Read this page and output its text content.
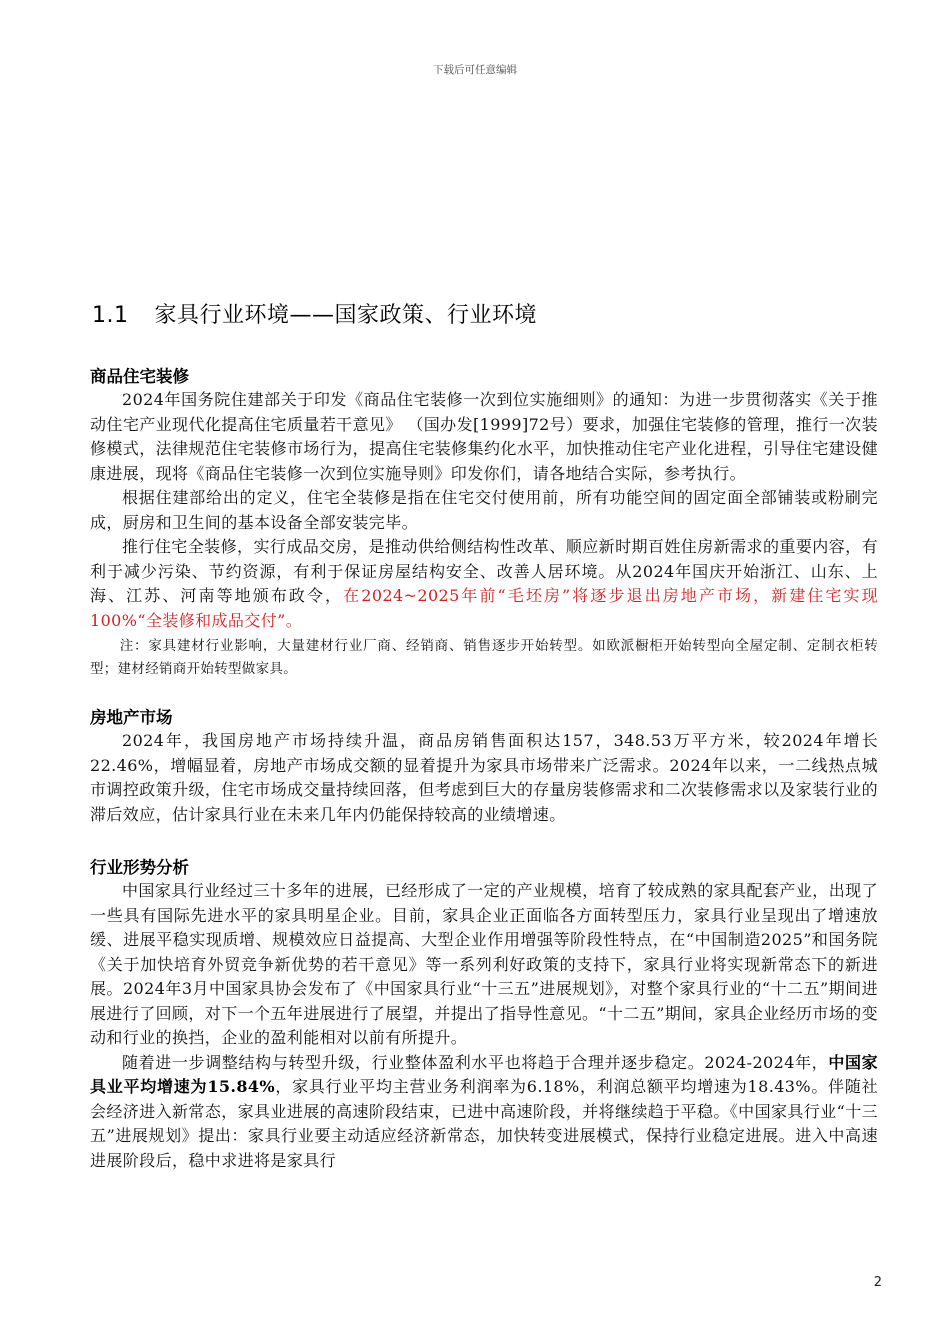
下载后可任意编辑
1.1 家具行业环境——国家政策、行业环境
商品住宅装修

2024年国务院住建部关于印发《商品住宅装修一次到位实施细则》的通知：为进一步贯彻落实《关于推动住宅产业现代化提高住宅质量若干意见》 （国办发[1999]72号）要求，加强住宅装修的管理，推行一次装修模式，法律规范住宅装修市场行为，提高住宅装修集约化水平，加快推动住宅产业化进程，引导住宅建设健康进展，现将《商品住宅装修一次到位实施导则》印发你们，请各地结合实际，参考执行。

根据住建部给出的定义，住宅全装修是指在住宅交付使用前，所有功能空间的固定面全部铺装或粉刷完成，厨房和卫生间的基本设备全部安装完毕。

推行住宅全装修，实行成品交房，是推动供给侧结构性改革、顺应新时期百姓住房新需求的重要内容，有利于减少污染、节约资源，有利于保证房屋结构安全、改善人居环境。从2024年国庆开始浙江、山东、上海、江苏、河南等地颁布政令，在2024~2025年前“毛坯房”将逐步退出房地产市场，新建住宅实现100%“全装修和成品交付”。

注：家具建材行业影响，大量建材行业厂商、经销商、销售逐步开始转型。如欧派橱柜开始转型向全屋定制、定制衣柜转型；建材经销商开始转型做家具。

房地产市场

2024年，我国房地产市场持续升温，商品房销售面积达157，348.53万平方米，较2024年增长22.46%，增幅显着，房地产市场成交额的显着提升为家具市场带来广泛需求。2024年以来，一二线热点城市调控政策升级，住宅市场成交量持续回落，但考虑到巨大的存量房装修需求和二次装修需求以及家装行业的滞后效应，估计家具行业在未来几年内仍能保持较高的业绩增速。

行业形势分析

中国家具行业经过三十多年的进展，已经形成了一定的产业规模，培育了较成熟的家具配套产业，出现了一些具有国际先进水平的家具明星企业。目前，家具企业正面临各方面转型压力，家具行业呈现出了增速放缓、进展平稳实现质增、规模效应日益提高、大型企业作用增强等阶段性特点，在“中国制造2025”和国务院《关于加快培育外贸竞争新优势的若干意见》等一系列利好政策的支持下，家具行业将实现新常态下的新进展。2024年3月中国家具协会发布了《中国家具行业“十三五”进展规划》，对整个家具行业的“十二五”期间进展进行了回顾，对下一个五年进展进行了展望，并提出了指导性意见。“十二五”期间，家具企业经历市场的变动和行业的换挡，企业的盈利能相对以前有所提升。

随着进一步调整结构与转型升级，行业整体盈利水平也将趋于合理并逐步稳定。2024-2024年，中国家具业平均增速为15.84%，家具行业平均主营业务利润率为6.18%，利润总额平均增速为18.43%。伴随社会经济进入新常态，家具业进展的高速阶段结束，已进中高速阶段，并将继续趋于平稳。《中国家具行业“十三五”进展规划》提出：家具行业要主动适应经济新常态，加快转变进展模式，保持行业稳定进展。进入中高速进展阶段后，稳中求进将是家具行

2
